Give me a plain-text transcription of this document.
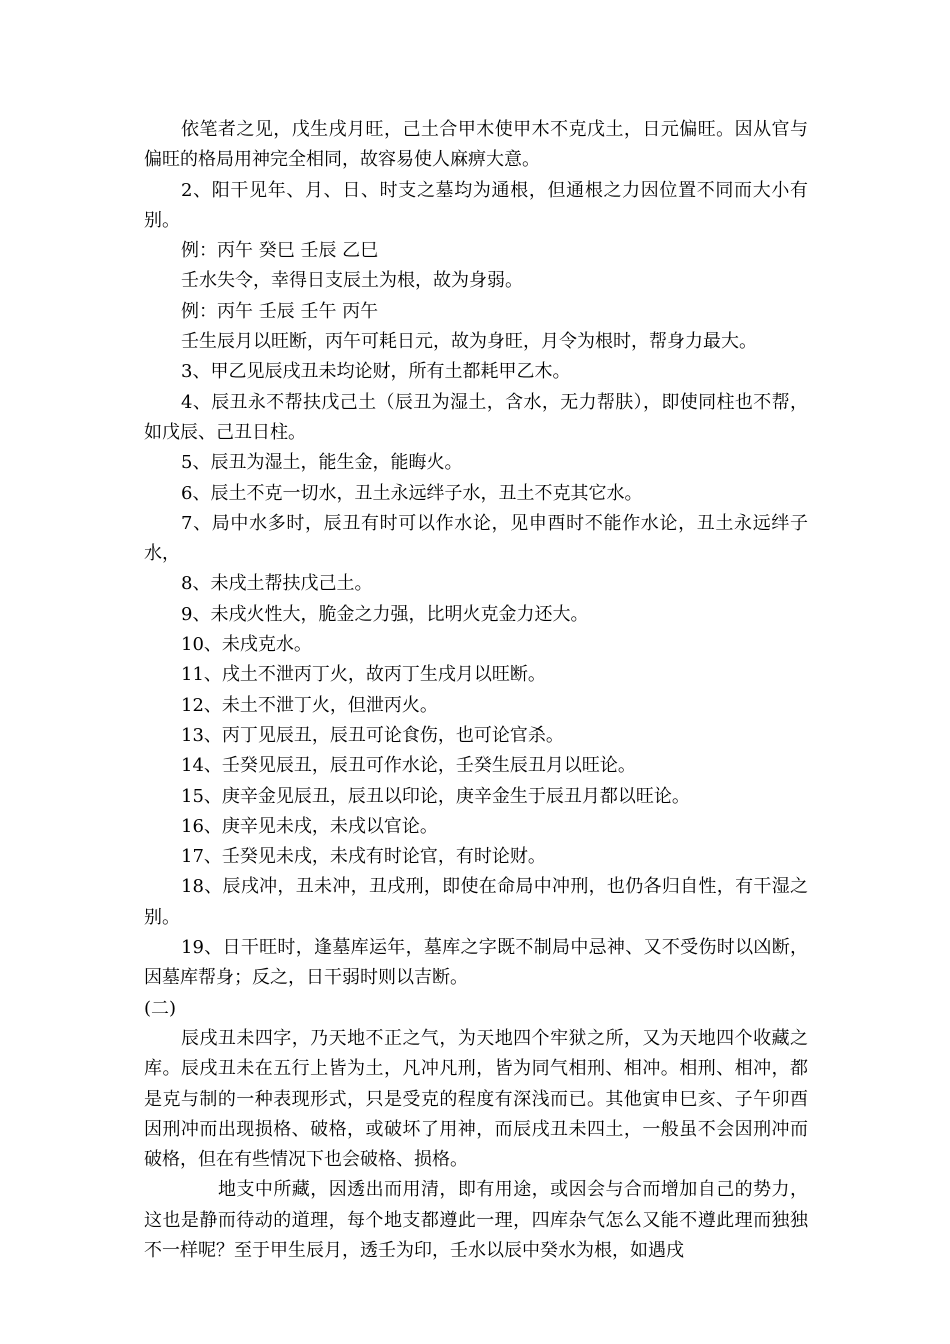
依笔者之见，戊生戌月旺，己土合甲木使甲木不克戊土，日元偏旺。因从官与偏旺的格局用神完全相同，故容易使人麻痹大意。

2、阳干见年、月、日、时支之墓均为通根，但通根之力因位置不同而大小有别。

例：丙午 癸巳 壬辰 乙巳

壬水失令，幸得日支辰土为根，故为身弱。

例：丙午 壬辰 壬午 丙午

壬生辰月以旺断，丙午可耗日元，故为身旺，月令为根时，帮身力最大。

3、甲乙见辰戌丑未均论财，所有土都耗甲乙木。

4、辰丑永不帮扶戊己土（辰丑为湿土，含水，无力帮肤），即使同柱也不帮，如戊辰、己丑日柱。

5、辰丑为湿土，能生金，能晦火。

6、辰土不克一切水，丑土永远绊子水，丑土不克其它水。

7、局中水多时，辰丑有时可以作水论，见申酉时不能作水论，丑土永远绊子水，

8、未戌土帮扶戊己土。

9、未戌火性大，脆金之力强，比明火克金力还大。

10、未戌克水。

11、戌土不泄丙丁火，故丙丁生戌月以旺断。

12、未土不泄丁火，但泄丙火。

13、丙丁见辰丑，辰丑可论食伤，也可论官杀。

14、壬癸见辰丑，辰丑可作水论，壬癸生辰丑月以旺论。

15、庚辛金见辰丑，辰丑以印论，庚辛金生于辰丑月都以旺论。

16、庚辛见未戌，未戌以官论。

17、壬癸见未戌，未戌有时论官，有时论财。

18、辰戌冲，丑未冲，丑戌刑，即使在命局中冲刑，也仍各归自性，有干湿之别。

19、日干旺时，逢墓库运年，墓库之字既不制局中忌神、又不受伤时以凶断，因墓库帮身；反之，日干弱时则以吉断。

(二)

辰戌丑未四字，乃天地不正之气，为天地四个牢狱之所，又为天地四个收藏之库。辰戌丑未在五行上皆为土，凡冲凡刑，皆为同气相刑、相冲。相刑、相冲，都是克与制的一种表现形式，只是受克的程度有深浅而已。其他寅申巳亥、子午卯酉因刑冲而出现损格、破格，或破坏了用神，而辰戌丑未四土，一般虽不会因刑冲而破格，但在有些情况下也会破格、损格。

地支中所藏，因透出而用清，即有用途，或因会与合而增加自己的势力，这也是静而待动的道理，每个地支都遵此一理，四库杂气怎么又能不遵此理而独独不一样呢？至于甲生辰月，透壬为印，壬水以辰中癸水为根，如遇戌
